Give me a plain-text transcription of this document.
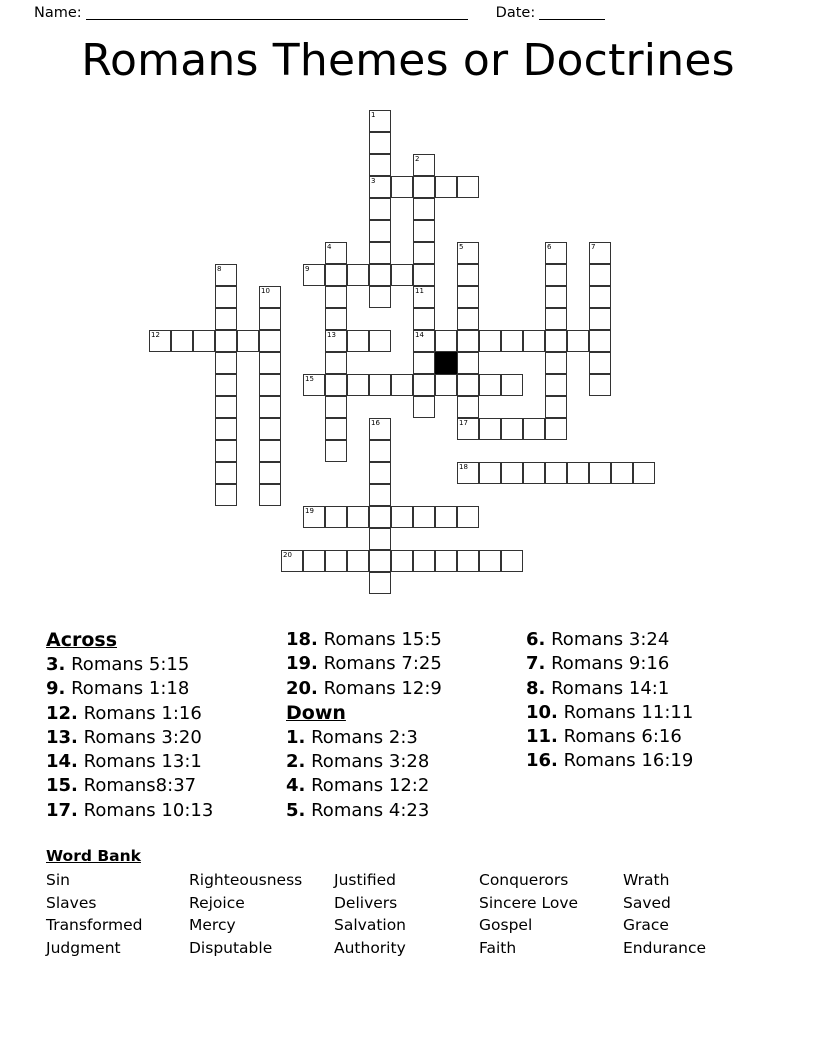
Name:	Date:
Romans Themes or Doctrines
1
2
3
4	5	6	7
8	9
10	11
12	13	14
15
16	17
18
19
20
Across
3. Romans 5:15
9. Romans 1:18
12. Romans 1:16
13. Romans 3:20
14. Romans 13:1
15. Romans8:37
17. Romans 10:13
18. Romans 15:5
19. Romans 7:25
20. Romans 12:9
Down
1. Romans 2:3
2. Romans 3:28
4. Romans 12:2
5. Romans 4:23
6. Romans 3:24
7. Romans 9:16
8. Romans 14:1
10. Romans 11:11
11. Romans 6:16
16. Romans 16:19
Word Bank
Sin
Slaves
Transformed
Judgment
Righteousness
Rejoice
Mercy
Disputable
Justified
Delivers
Salvation
Authority
Conquerors
Sincere Love
Gospel
Faith
Wrath
Saved
Grace
Endurance
